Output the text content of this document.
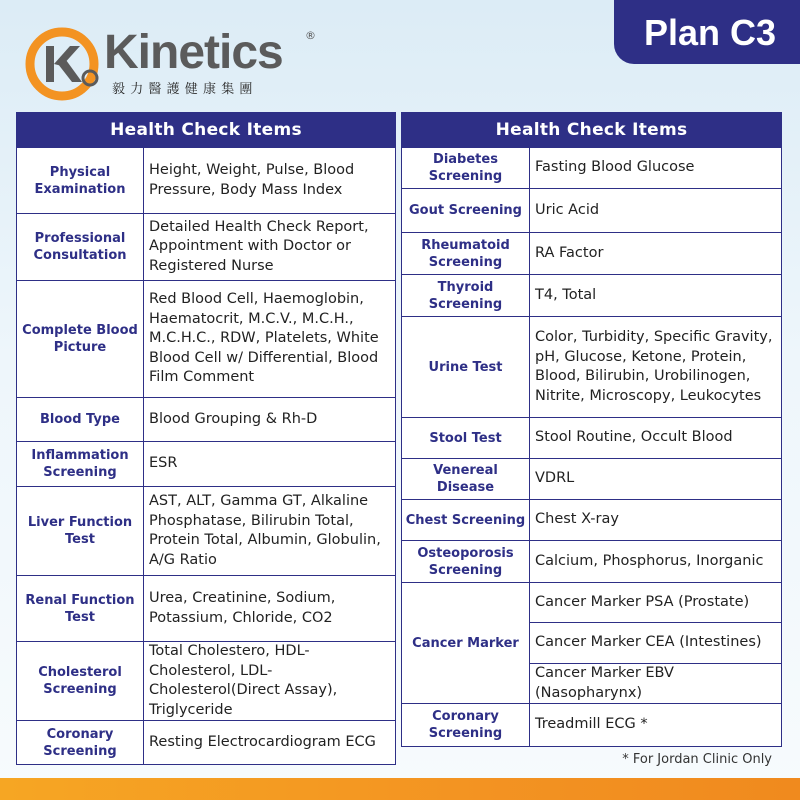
Kinetics ®
毅力醫護健康集團
Plan C3
Health Check Items	
Physical Examination	Height, Weight, Pulse, Blood Pressure, Body Mass Index
Professional Consultation	Detailed Health Check Report, Appointment with Doctor or Registered Nurse
Complete Blood Picture	Red Blood Cell, Haemoglobin, Haematocrit, M.C.V., M.C.H., M.C.H.C., RDW, Platelets, White Blood Cell w/ Differential, Blood Film Comment
Blood Type	Blood Grouping & Rh-D
Inflammation Screening	ESR
Liver Function Test	AST, ALT, Gamma GT, Alkaline Phosphatase, Bilirubin Total, Protein Total, Albumin, Globulin, A/G Ratio
Renal Function Test	Urea, Creatinine, Sodium, Potassium, Chloride, CO2
Cholesterol Screening	Total Cholestero, HDL-Cholesterol, LDL-Cholesterol(Direct Assay), Triglyceride
Coronary Screening	Resting Electrocardiogram ECG
Health Check Items	
Diabetes Screening	Fasting Blood Glucose
Gout Screening	Uric Acid
Rheumatoid Screening	RA Factor
Thyroid Screening	T4, Total
Urine Test	Color, Turbidity, Specific Gravity, pH, Glucose, Ketone, Protein, Blood, Bilirubin, Urobilinogen, Nitrite, Microscopy, Leukocytes
Stool Test	Stool Routine, Occult Blood
Venereal Disease	VDRL
Chest Screening	Chest X-ray
Osteoporosis Screening	Calcium, Phosphorus, Inorganic
Cancer Marker	Cancer Marker PSA (Prostate)
	Cancer Marker CEA (Intestines)
	Cancer Marker EBV (Nasopharynx)
Coronary Screening	Treadmill ECG *
* For Jordan Clinic Only
